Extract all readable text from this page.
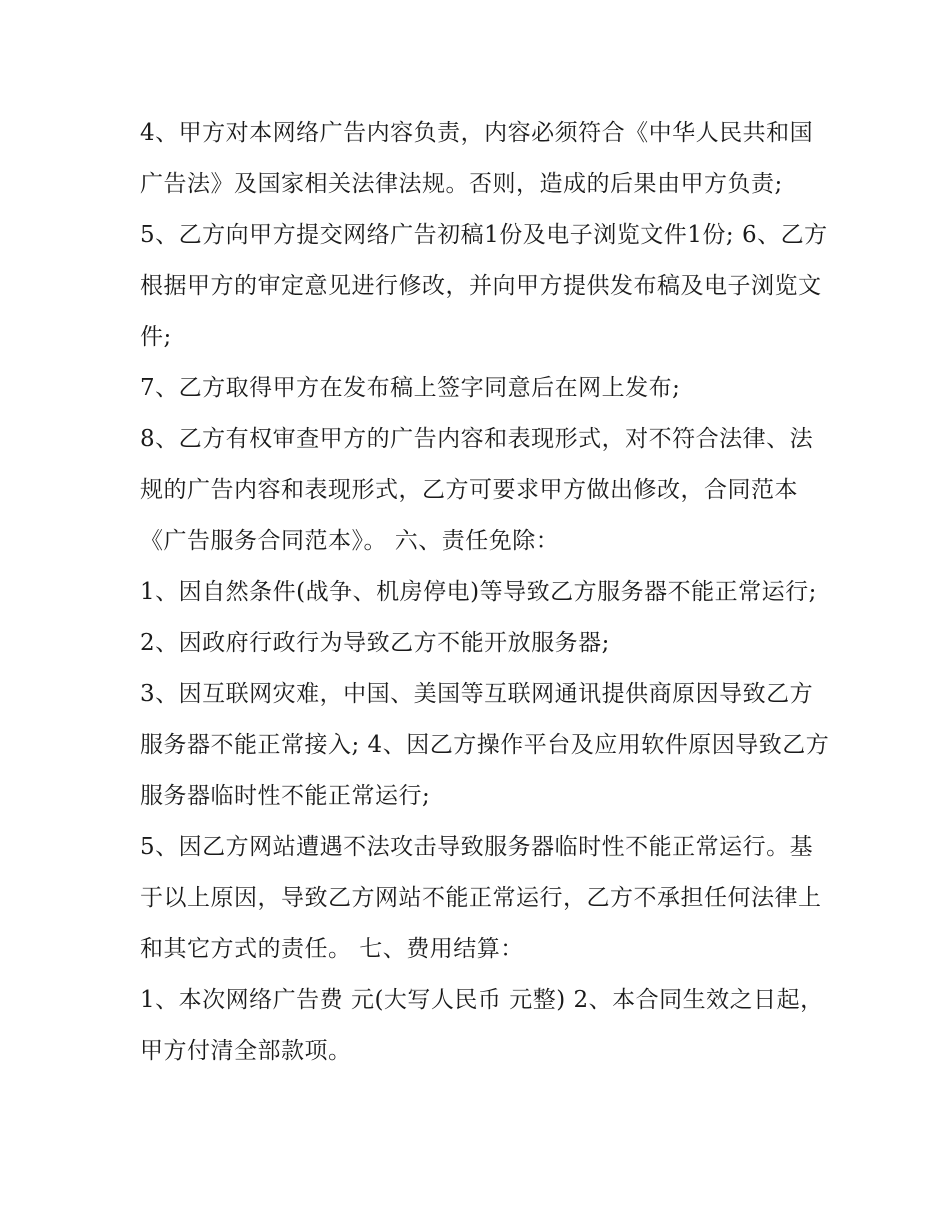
4、甲方对本网络广告内容负责，内容必须符合《中华人民共和国广告法》及国家相关法律法规。否则，造成的后果由甲方负责;

5、乙方向甲方提交网络广告初稿1份及电子浏览文件1份; 6、乙方根据甲方的审定意见进行修改，并向甲方提供发布稿及电子浏览文件;

7、乙方取得甲方在发布稿上签字同意后在网上发布;

8、乙方有权审查甲方的广告内容和表现形式，对不符合法律、法规的广告内容和表现形式，乙方可要求甲方做出修改，合同范本《广告服务合同范本》。 六、责任免除：

1、因自然条件(战争、机房停电)等导致乙方服务器不能正常运行; 2、因政府行政行为导致乙方不能开放服务器;

3、因互联网灾难，中国、美国等互联网通讯提供商原因导致乙方服务器不能正常接入; 4、因乙方操作平台及应用软件原因导致乙方服务器临时性不能正常运行;

5、因乙方网站遭遇不法攻击导致服务器临时性不能正常运行。基于以上原因，导致乙方网站不能正常运行，乙方不承担任何法律上和其它方式的责任。 七、费用结算：

1、本次网络广告费 元(大写人民币 元整) 2、本合同生效之日起，甲方付清全部款项。
